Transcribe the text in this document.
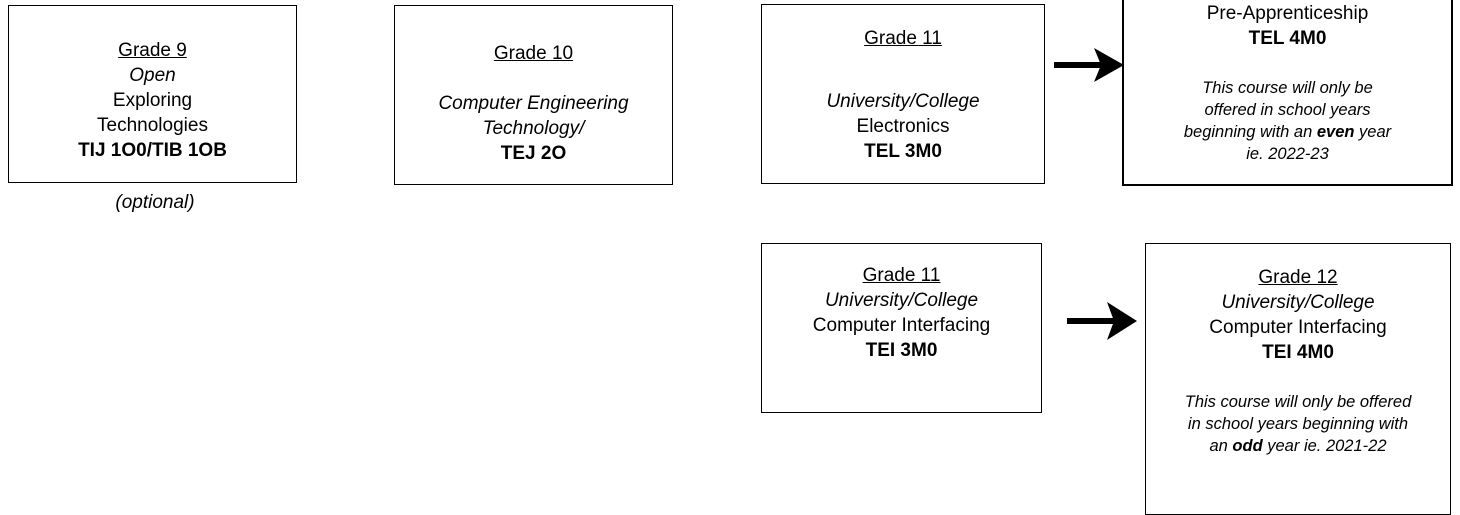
Grade 9
Open
Exploring
Technologies
TIJ 1O0/TIB 1OB
(optional)
Grade 10
Computer Engineering
Technology/
TEJ 2O
Grade 11
University/College
Electronics
TEL 3M0
Pre-Apprenticeship
TEL 4M0
This course will only be
offered in school years
beginning with an even year
ie. 2022-23
Grade 11
University/College
Computer Interfacing
TEI 3M0
Grade 12
University/College
Computer Interfacing
TEI 4M0
This course will only be offered
in school years beginning with
an odd year ie. 2021-22
